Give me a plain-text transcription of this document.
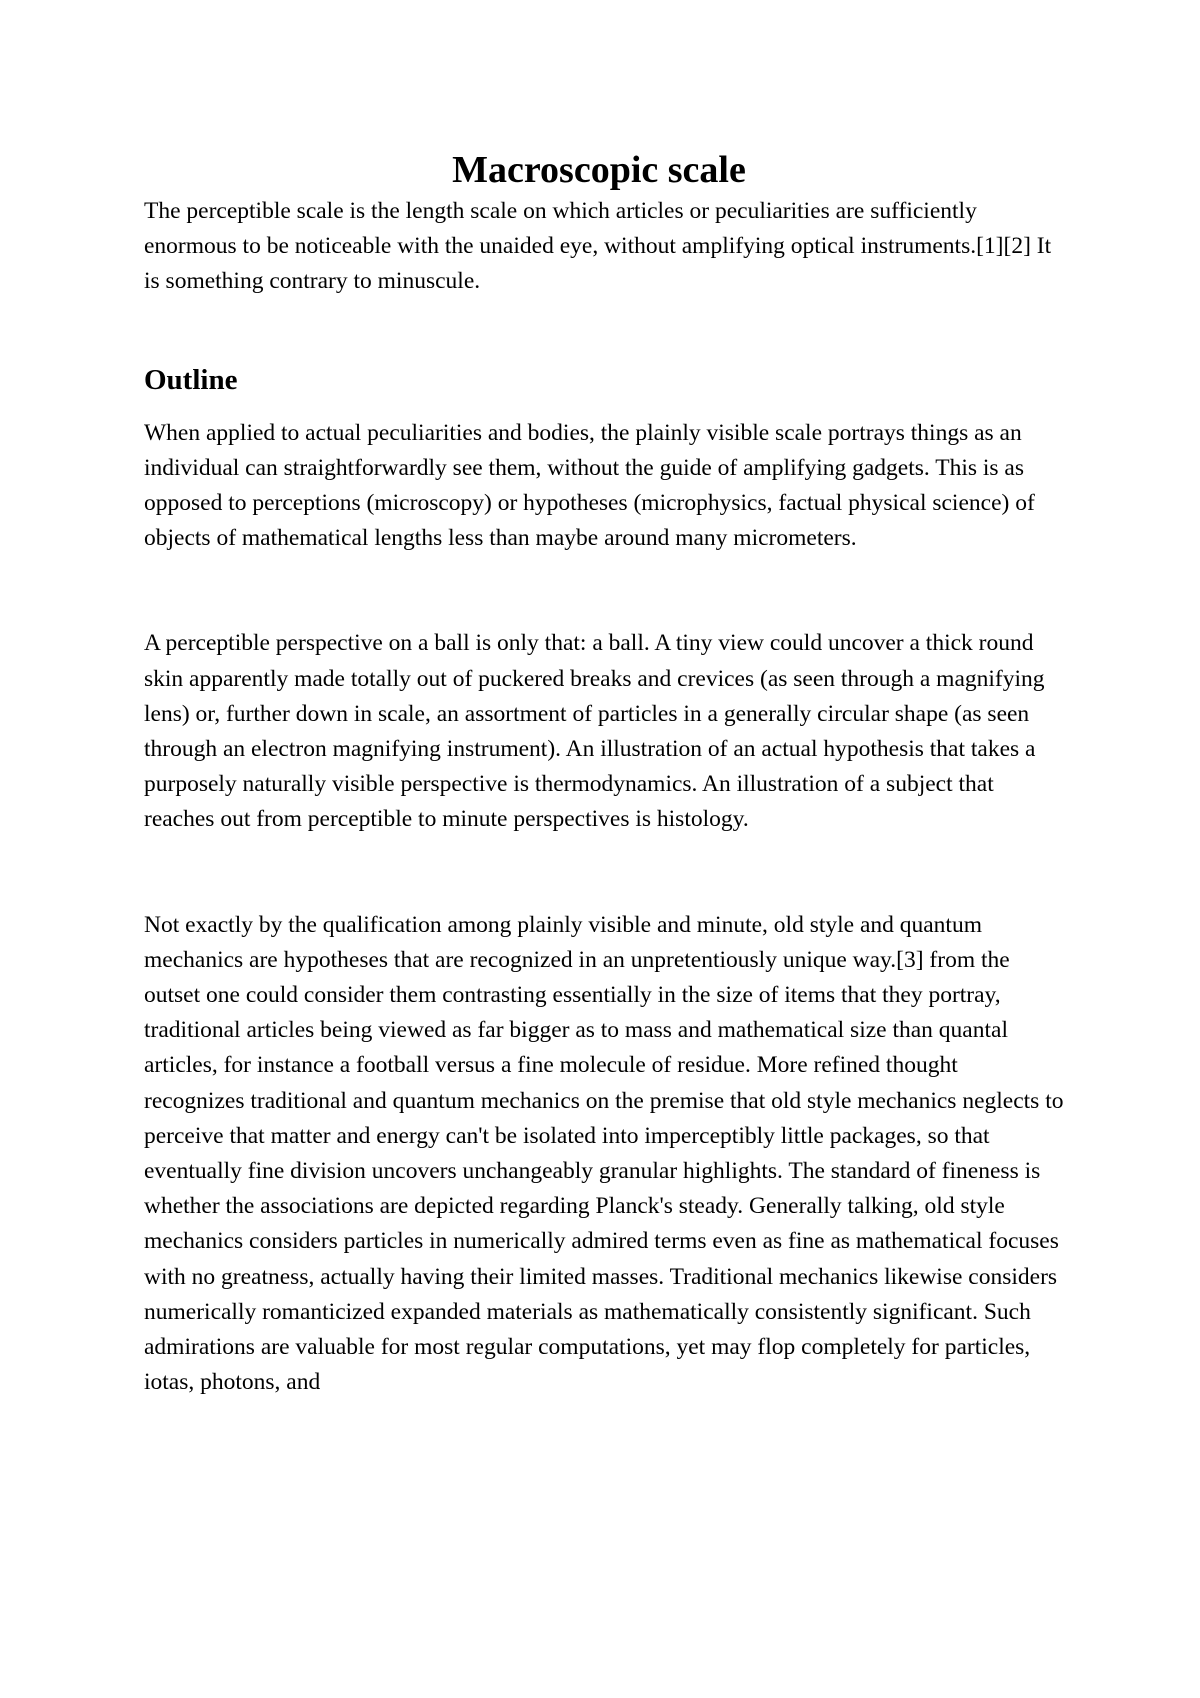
Macroscopic scale

The perceptible scale is the length scale on which articles or peculiarities are sufficiently enormous to be noticeable with the unaided eye, without amplifying optical instruments.[1][2] It is something contrary to minuscule.

Outline

When applied to actual peculiarities and bodies, the plainly visible scale portrays things as an individual can straightforwardly see them, without the guide of amplifying gadgets. This is as opposed to perceptions (microscopy) or hypotheses (microphysics, factual physical science) of objects of mathematical lengths less than maybe around many micrometers.

A perceptible perspective on a ball is only that: a ball. A tiny view could uncover a thick round skin apparently made totally out of puckered breaks and crevices (as seen through a magnifying lens) or, further down in scale, an assortment of particles in a generally circular shape (as seen through an electron magnifying instrument). An illustration of an actual hypothesis that takes a purposely naturally visible perspective is thermodynamics. An illustration of a subject that reaches out from perceptible to minute perspectives is histology.

Not exactly by the qualification among plainly visible and minute, old style and quantum mechanics are hypotheses that are recognized in an unpretentiously unique way.[3] from the outset one could consider them contrasting essentially in the size of items that they portray, traditional articles being viewed as far bigger as to mass and mathematical size than quantal articles, for instance a football versus a fine molecule of residue. More refined thought recognizes traditional and quantum mechanics on the premise that old style mechanics neglects to perceive that matter and energy can't be isolated into imperceptibly little packages, so that eventually fine division uncovers unchangeably granular highlights. The standard of fineness is whether the associations are depicted regarding Planck's steady. Generally talking, old style mechanics considers particles in numerically admired terms even as fine as mathematical focuses with no greatness, actually having their limited masses. Traditional mechanics likewise considers numerically romanticized expanded materials as mathematically consistently significant. Such admirations are valuable for most regular computations, yet may flop completely for particles, iotas, photons, and
